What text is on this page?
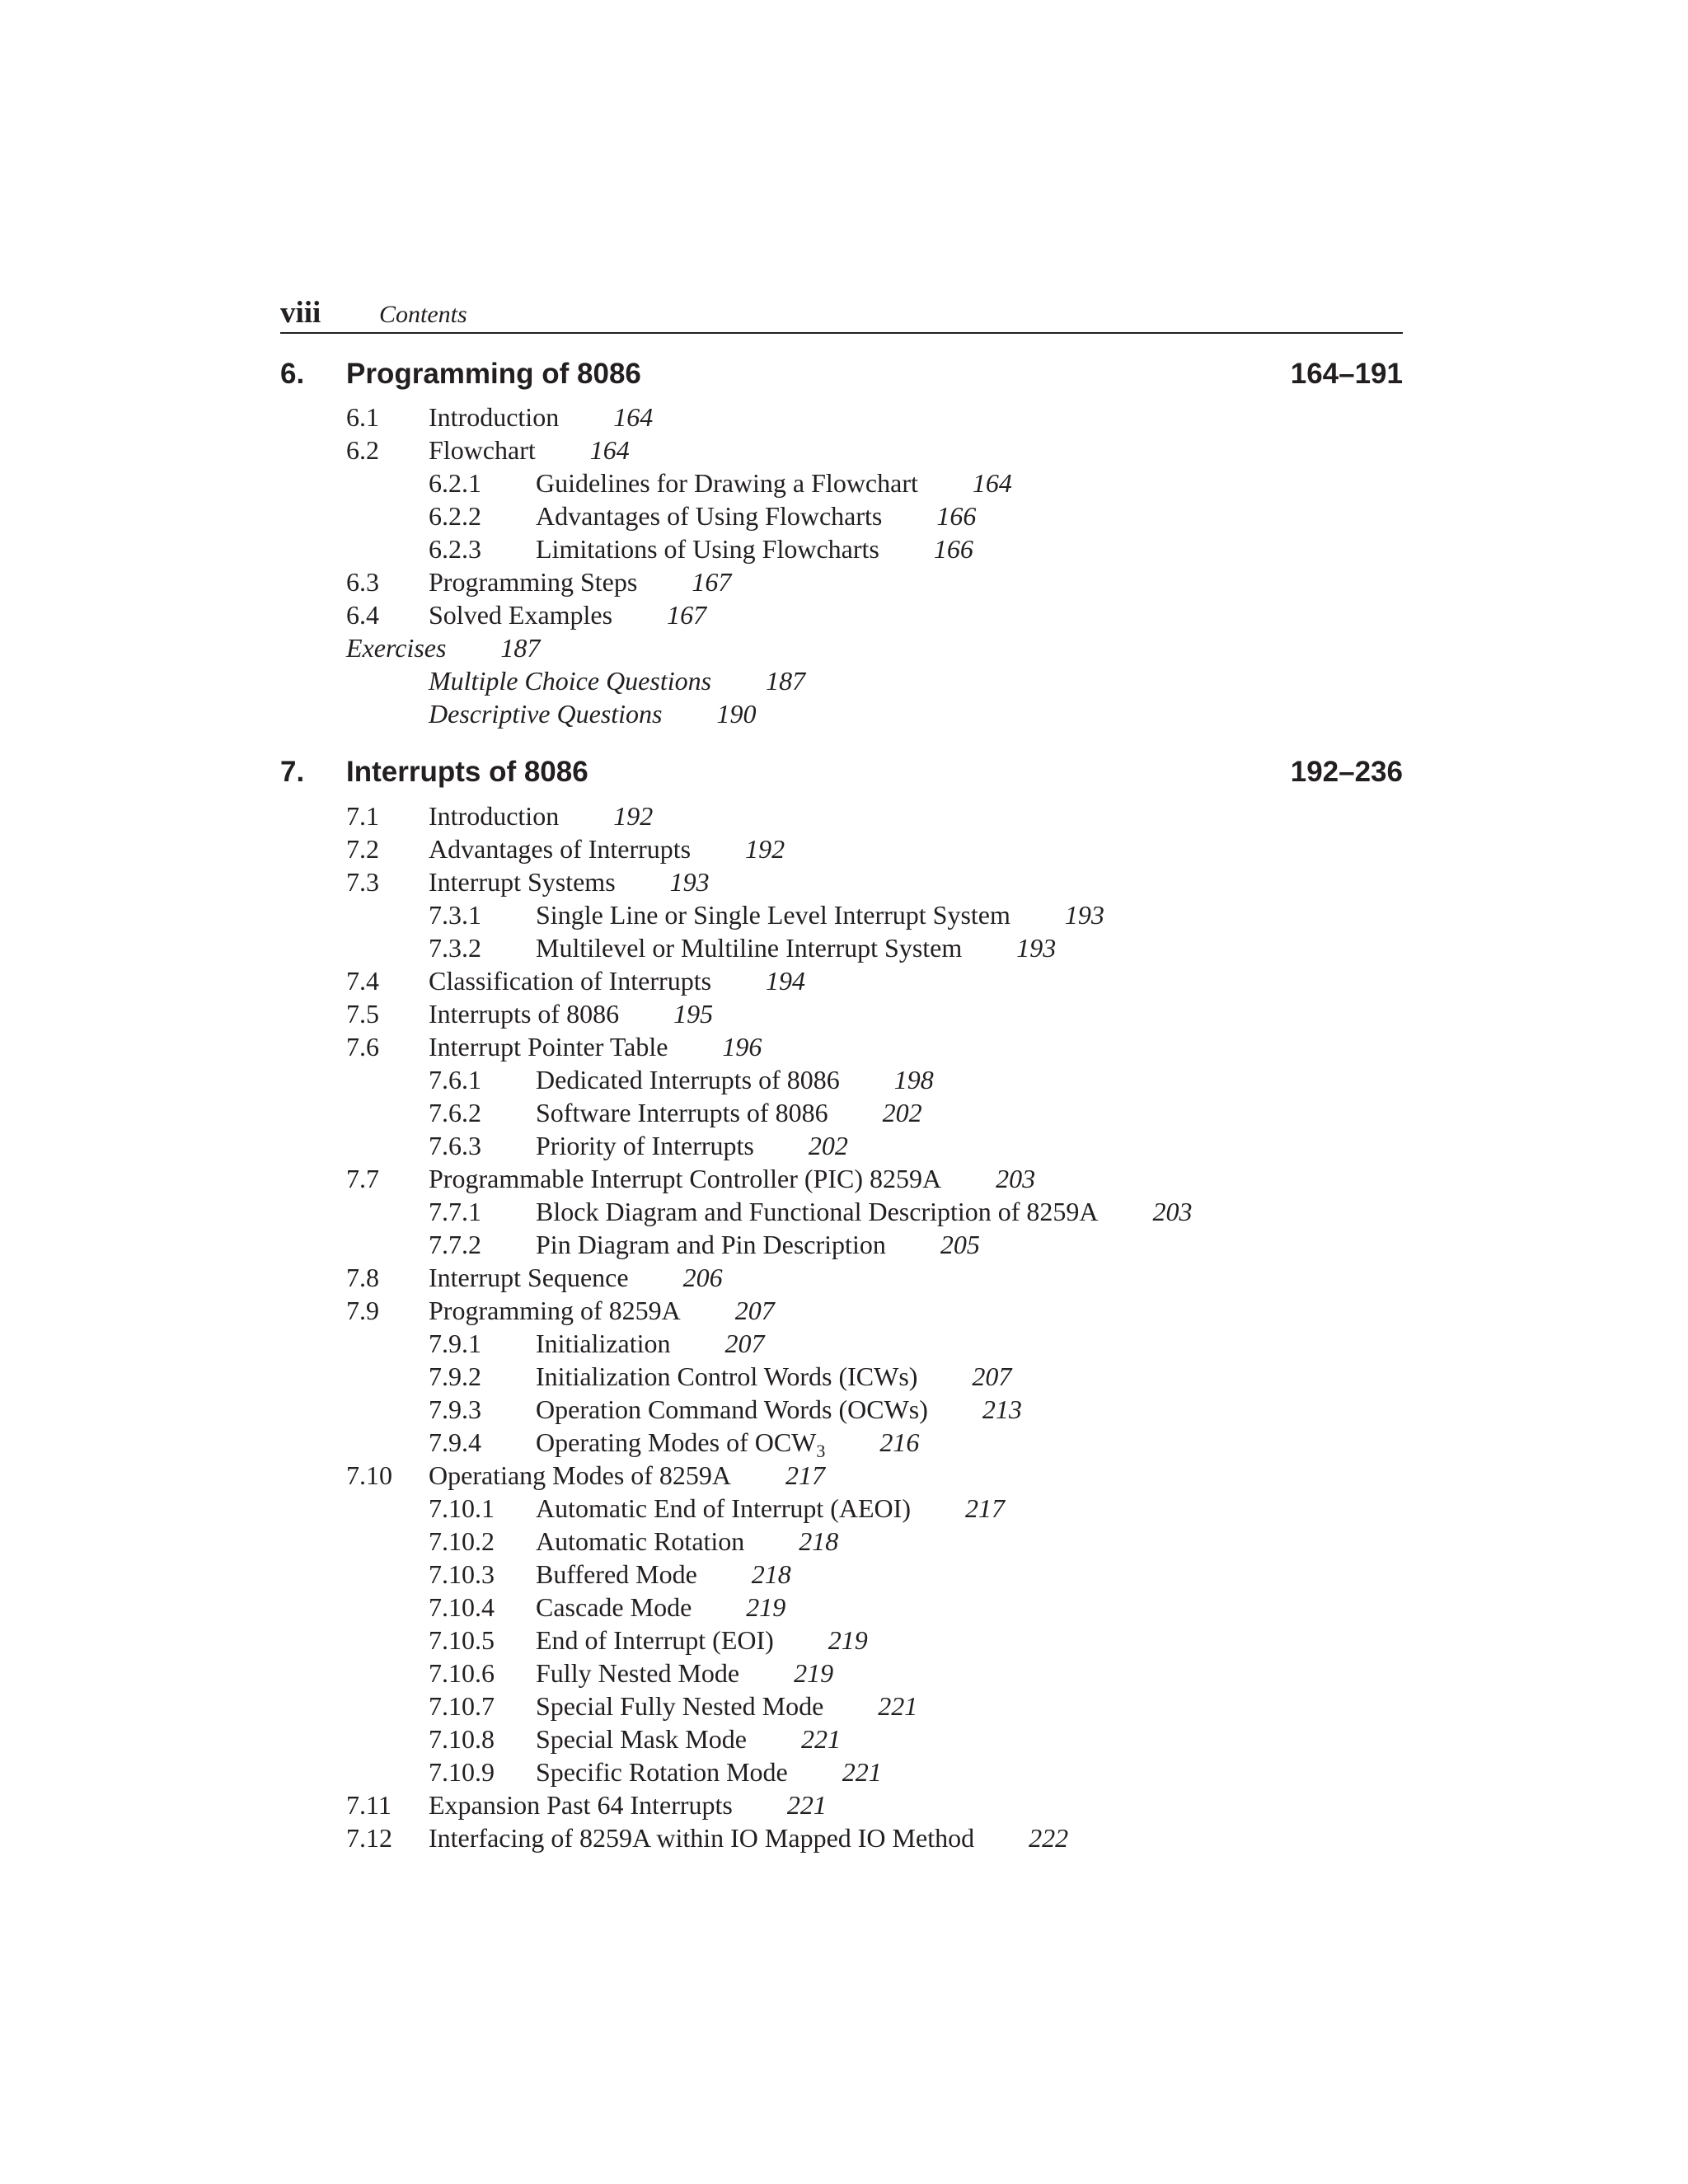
viii Contents
6. Programming of 8086	164–191
6.1 Introduction 164
6.2 Flowchart 164
6.2.1 Guidelines for Drawing a Flowchart 164
6.2.2 Advantages of Using Flowcharts 166
6.2.3 Limitations of Using Flowcharts 166
6.3 Programming Steps 167
6.4 Solved Examples 167
Exercises 187
Multiple Choice Questions 187
Descriptive Questions 190
7. Interrupts of 8086	192–236
7.1 Introduction 192
7.2 Advantages of Interrupts 192
7.3 Interrupt Systems 193
7.3.1 Single Line or Single Level Interrupt System 193
7.3.2 Multilevel or Multiline Interrupt System 193
7.4 Classification of Interrupts 194
7.5 Interrupts of 8086 195
7.6 Interrupt Pointer Table 196
7.6.1 Dedicated Interrupts of 8086 198
7.6.2 Software Interrupts of 8086 202
7.6.3 Priority of Interrupts 202
7.7 Programmable Interrupt Controller (PIC) 8259A 203
7.7.1 Block Diagram and Functional Description of 8259A 203
7.7.2 Pin Diagram and Pin Description 205
7.8 Interrupt Sequence 206
7.9 Programming of 8259A 207
7.9.1 Initialization 207
7.9.2 Initialization Control Words (ICWs) 207
7.9.3 Operation Command Words (OCWs) 213
7.9.4 Operating Modes of $OCW_3$ 216
7.10 Operatiang Modes of 8259A 217
7.10.1 Automatic End of Interrupt (AEOI) 217
7.10.2 Automatic Rotation 218
7.10.3 Buffered Mode 218
7.10.4 Cascade Mode 219
7.10.5 End of Interrupt (EOI) 219
7.10.6 Fully Nested Mode 219
7.10.7 Special Fully Nested Mode 221
7.10.8 Special Mask Mode 221
7.10.9 Specific Rotation Mode 221
7.11 Expansion Past 64 Interrupts 221
7.12 Interfacing of 8259A within IO Mapped IO Method 222
